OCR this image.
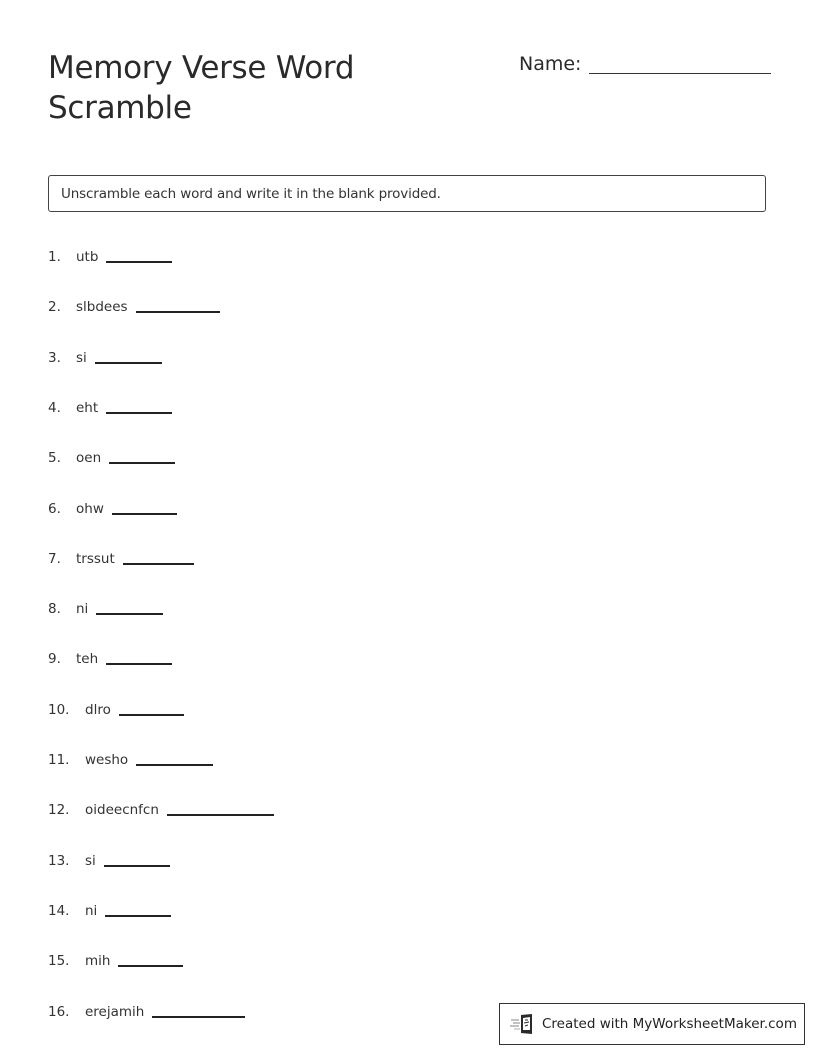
Memory Verse Word Scramble
Name:
Unscramble each word and write it in the blank provided.
1.	utb
2.	slbdees
3.	si
4.	eht
5.	oen
6.	ohw
7.	trssut
8.	ni
9.	teh
10.	dlro
11.	wesho
12.	oideecnfcn
13.	si
14.	ni
15.	mih
16.	erejamih
Created with MyWorksheetMaker.com
